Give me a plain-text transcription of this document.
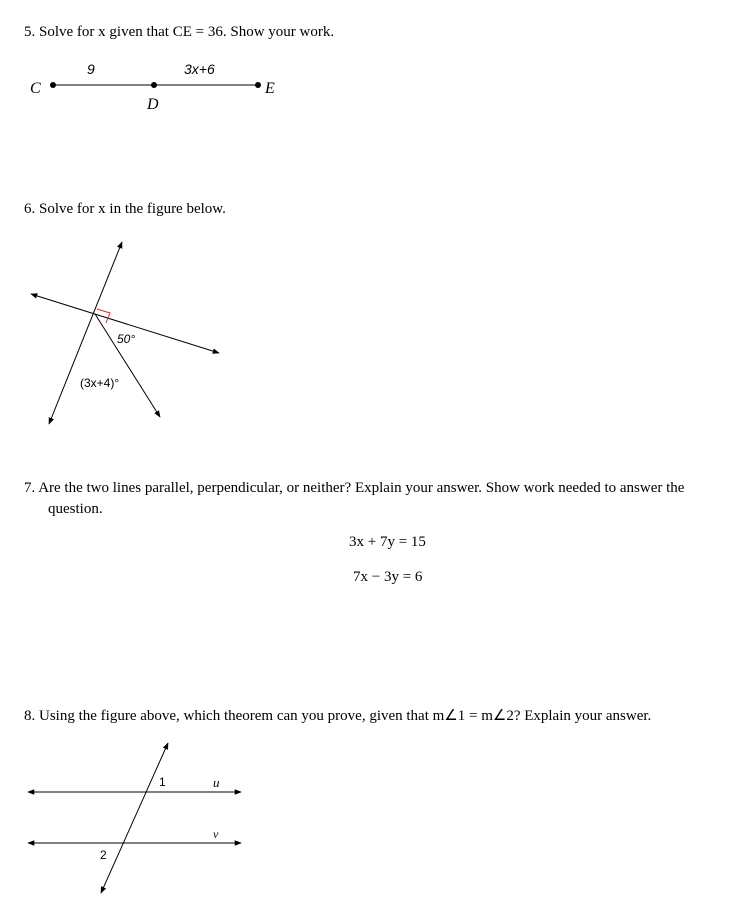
5. Solve for x given that CE = 36. Show your work.
C
D
E
9	3x+6
6. Solve for x in the figure below.
50°
(3x+4)°
7. Are the two lines parallel, perpendicular, or neither? Explain your answer. Show work needed to answer the
question.
3x + 7y = 15
7x − 3y = 6
8. Using the figure above, which theorem can you prove, given that m∠1 = m∠2? Explain your answer.
1
2
u
v
